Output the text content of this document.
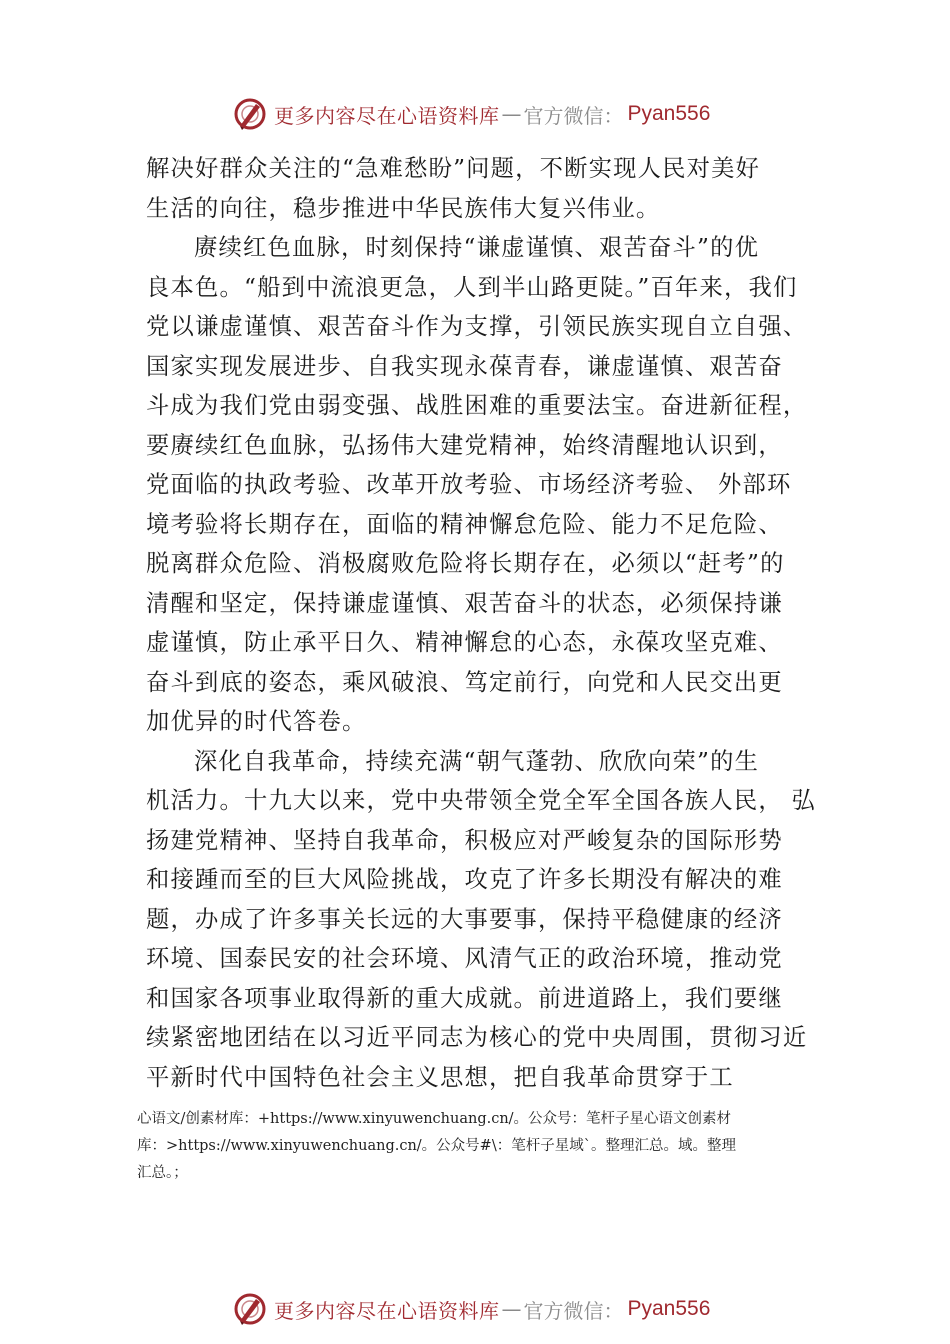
更多内容尽在心语资料库 — 官方微信： Pyan556
解决好群众关注的“急难愁盼”问题，不断实现人民对美好
生活的向往，稳步推进中华民族伟大复兴伟业。
赓续红色血脉，时刻保持“谦虚谨慎、艰苦奋斗”的优
良本色。“船到中流浪更急，人到半山路更陡。”百年来，我们
党以谦虚谨慎、艰苦奋斗作为支撑，引领民族实现自立自强、
国家实现发展进步、自我实现永葆青春，谦虚谨慎、艰苦奋
斗成为我们党由弱变强、战胜困难的重要法宝。奋进新征程，
要赓续红色血脉，弘扬伟大建党精神，始终清醒地认识到，
党面临的执政考验、改革开放考验、市场经济考验、 外部环
境考验将长期存在，面临的精神懈怠危险、能力不足危险、
脱离群众危险、消极腐败危险将长期存在，必须以“赶考”的
清醒和坚定，保持谦虚谨慎、艰苦奋斗的状态，必须保持谦
虚谨慎，防止承平日久、精神懈怠的心态，永葆攻坚克难、
奋斗到底的姿态，乘风破浪、笃定前行，向党和人民交出更
加优异的时代答卷。
深化自我革命，持续充满“朝气蓬勃、欣欣向荣”的生
机活力。十九大以来，党中央带领全党全军全国各族人民， 弘
扬建党精神、坚持自我革命，积极应对严峻复杂的国际形势
和接踵而至的巨大风险挑战，攻克了许多长期没有解决的难
题，办成了许多事关长远的大事要事，保持平稳健康的经济
环境、国泰民安的社会环境、风清气正的政治环境，推动党
和国家各项事业取得新的重大成就。前进道路上，我们要继
续紧密地团结在以习近平同志为核心的党中央周围，贯彻习近
平新时代中国特色社会主义思想，把自我革命贯穿于工
心语文/创素材库：+https://www.xinyuwenchuang.cn/。公众号：笔杆子星心语文创素材
库：>https://www.xinyuwenchuang.cn/。公众号#\：笔杆子星域`。整理汇总。域。整理
汇总。；
更多内容尽在心语资料库 — 官方微信： Pyan556
